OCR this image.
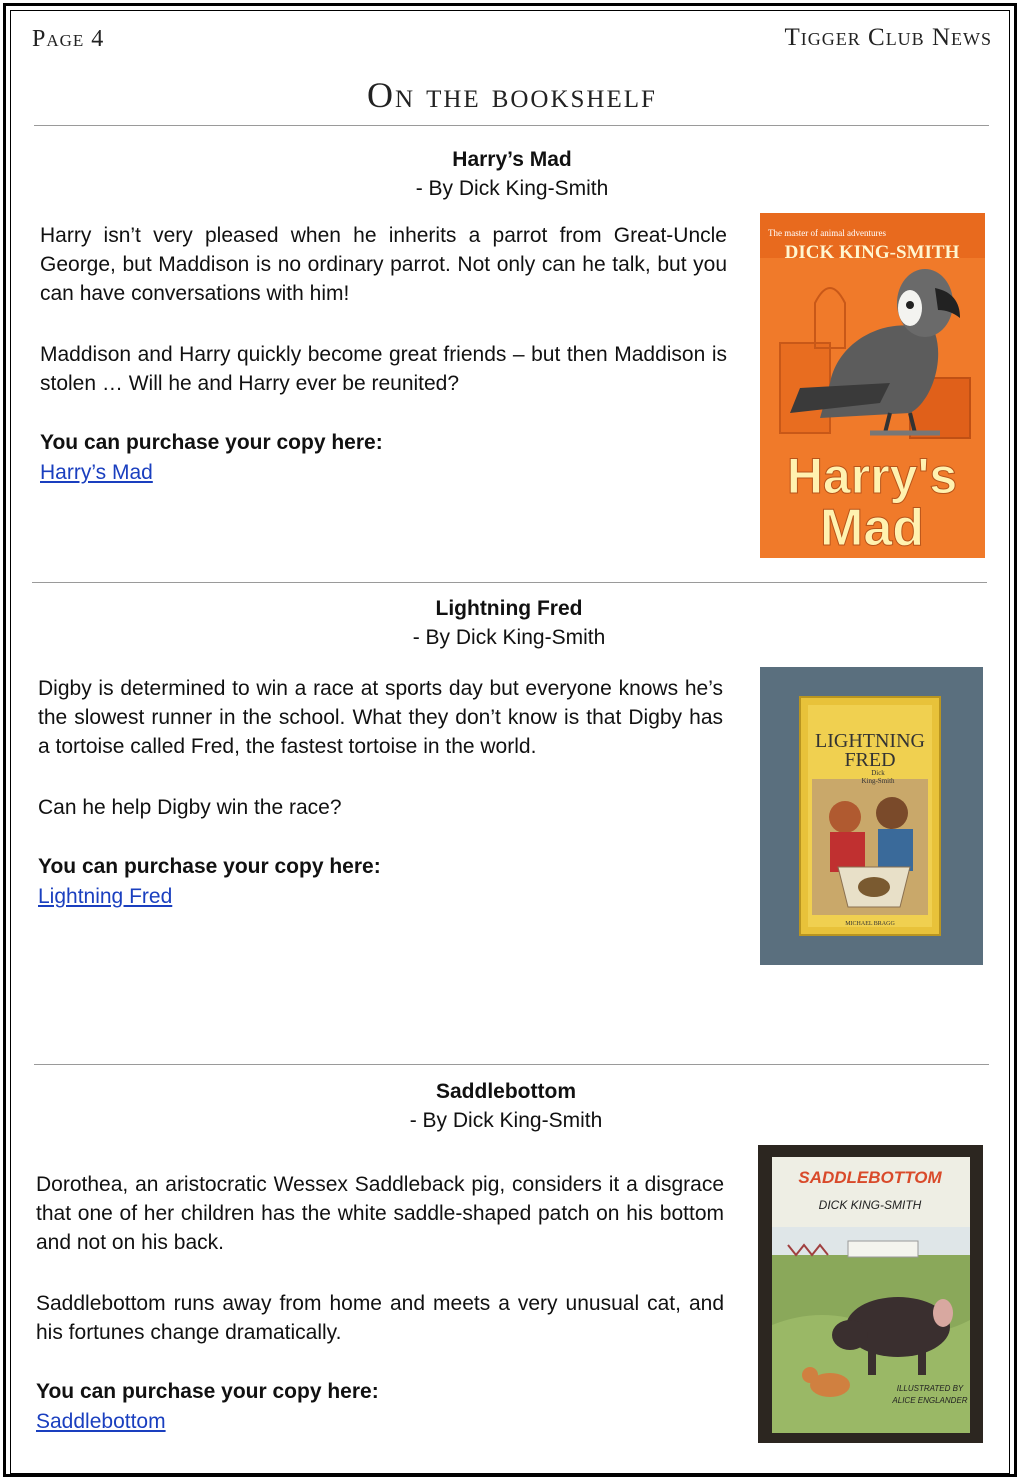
Page 4	Tigger Club News
On the bookshelf
Harry’s Mad
- By Dick King-Smith

Harry isn’t very pleased when he inherits a parrot from Great-Uncle George, but Maddison is no ordinary parrot. Not only can he talk, but you can have conversations with him!

Maddison and Harry quickly become great friends – but then Maddison is stolen … Will he and Harry ever be reunited?

You can purchase your copy here:
Harry’s Mad
The master of animal adventures
DICK KING-SMITH
Harry's
Mad
Lightning Fred
- By Dick King-Smith

Digby is determined to win a race at sports day but everyone knows he’s the slowest runner in the school. What they don’t know is that Digby has a tortoise called Fred, the fastest tortoise in the world.

Can he help Digby win the race?

You can purchase your copy here:
Lightning Fred
LIGHTNING
FRED
Dick
King-Smith
MICHAEL BRAGG
Saddlebottom
- By Dick King-Smith

Dorothea, an aristocratic Wessex Saddleback pig, considers it a disgrace that one of her children has the white saddle-shaped patch on his bottom and not on his back.

Saddlebottom runs away from home and meets a very unusual cat, and his fortunes change dramatically.

You can purchase your copy here:
Saddlebottom
SADDLEBOTTOM
DICK KING-SMITH
ILLUSTRATED BY
ALICE ENGLANDER
